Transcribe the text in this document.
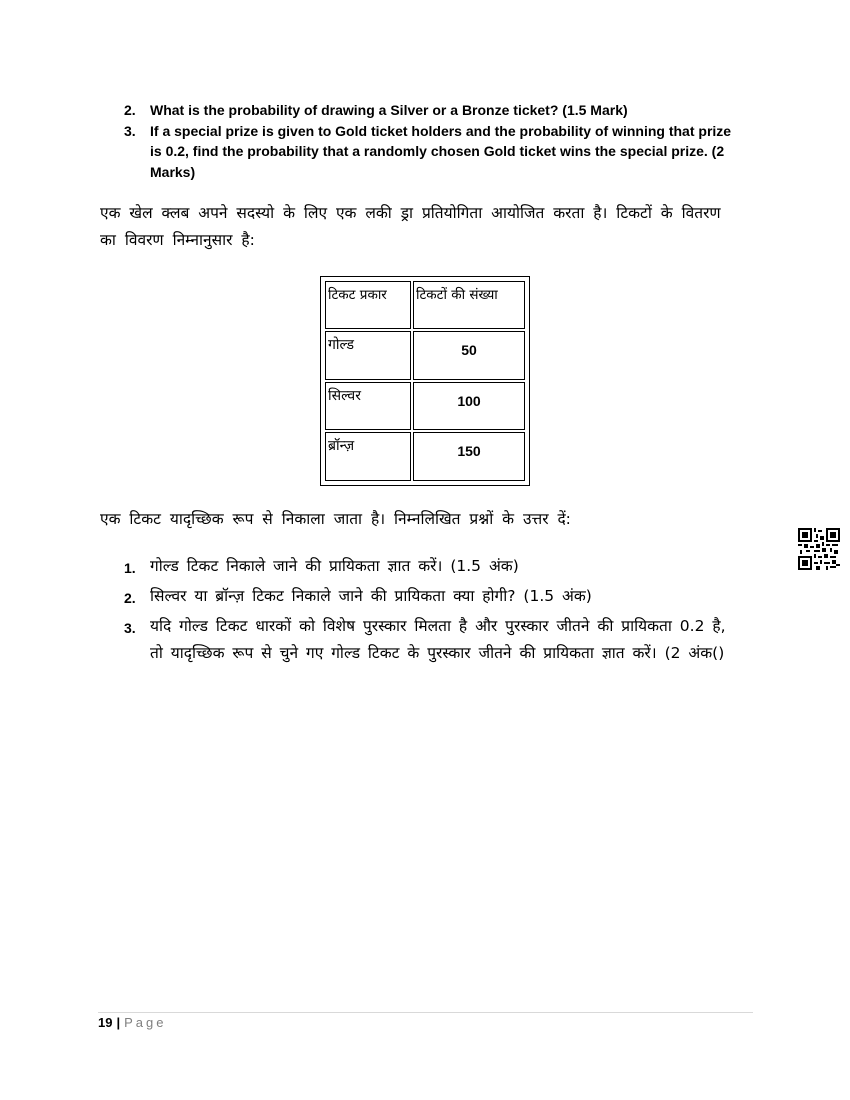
2.	What is the probability of drawing a Silver or a Bronze ticket? (1.5 Mark)
3.	If a special prize is given to Gold ticket holders and the probability of winning that prize is 0.2, find the probability that a randomly chosen Gold ticket wins the special prize. (2 Marks)

एक खेल क्लब अपने सदस्यो के लिए एक लकी ड्रा प्रतियोगिता आयोजित करता है। टिकटों के वितरण का विवरण निम्नानुसार है:

टिकट प्रकार	टिकटों की संख्या
गोल्ड	50
सिल्वर	100
ब्रॉन्ज़	150

एक टिकट यादृच्छिक रूप से निकाला जाता है। निम्नलिखित प्रश्नों के उत्तर दें:

1. गोल्ड टिकट निकाले जाने की प्रायिकता ज्ञात करें। (1.5 अंक)
2. सिल्वर या ब्रॉन्ज़ टिकट निकाले जाने की प्रायिकता क्या होगी? (1.5 अंक)
3. यदि गोल्ड टिकट धारकों को विशेष पुरस्कार मिलता है और पुरस्कार जीतने की प्रायिकता 0.2 है, तो यादृच्छिक रूप से चुने गए गोल्ड टिकट के पुरस्कार जीतने की प्रायिकता ज्ञात करें। (2 अंक()
19 | Page
